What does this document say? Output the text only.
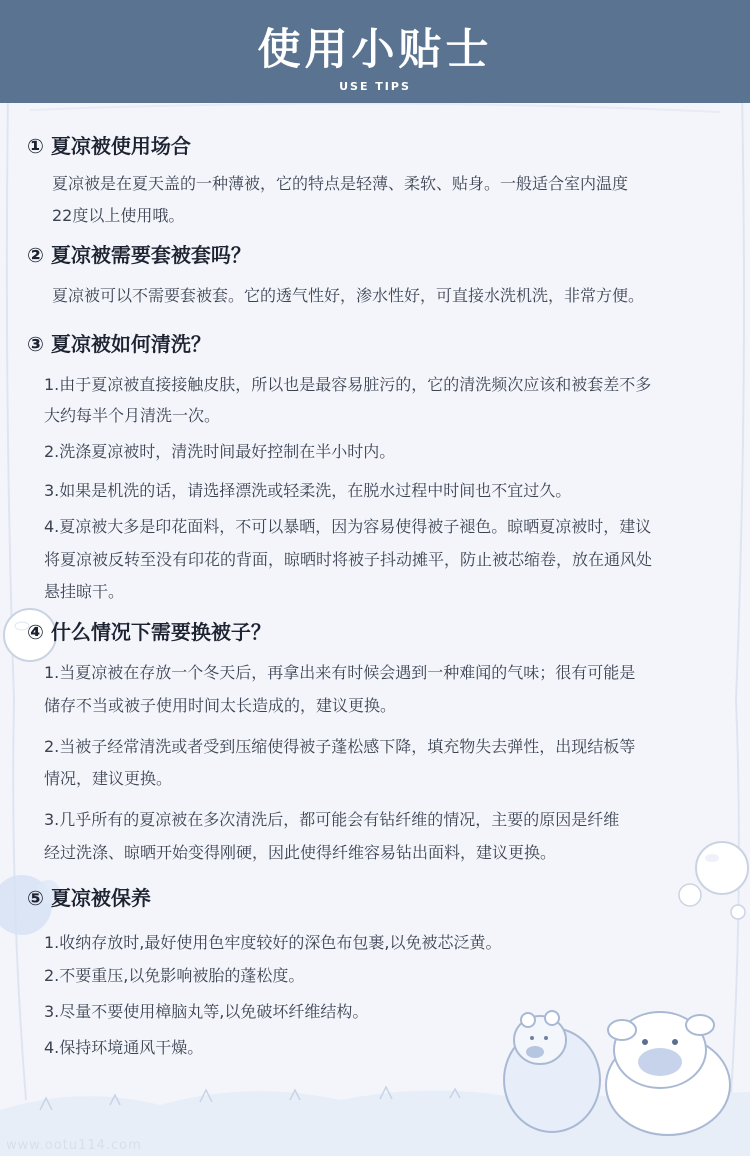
使用小贴士
USE TIPS
① 夏凉被使用场合
夏凉被是在夏天盖的一种薄被，它的特点是轻薄、柔软、贴身。一般适合室内温度
22度以上使用哦。
② 夏凉被需要套被套吗？
夏凉被可以不需要套被套。它的透气性好，渗水性好，可直接水洗机洗，非常方便。
③ 夏凉被如何清洗？
1.由于夏凉被直接接触皮肤，所以也是最容易脏污的，它的清洗频次应该和被套差不多
大约每半个月清洗一次。
2.洗涤夏凉被时，清洗时间最好控制在半小时内。
3.如果是机洗的话，请选择漂洗或轻柔洗，在脱水过程中时间也不宜过久。
4.夏凉被大多是印花面料，不可以暴晒，因为容易使得被子褪色。晾晒夏凉被时，建议
将夏凉被反转至没有印花的背面，晾晒时将被子抖动摊平，防止被芯缩卷，放在通风处
悬挂晾干。
④ 什么情况下需要换被子？
1.当夏凉被在存放一个冬天后，再拿出来有时候会遇到一种难闻的气味；很有可能是
储存不当或被子使用时间太长造成的，建议更换。
2.当被子经常清洗或者受到压缩使得被子蓬松感下降，填充物失去弹性，出现结板等
情况，建议更换。
3.几乎所有的夏凉被在多次清洗后，都可能会有钻纤维的情况，主要的原因是纤维
经过洗涤、晾晒开始变得刚硬，因此使得纤维容易钻出面料，建议更换。
⑤ 夏凉被保养
1.收纳存放时,最好使用色牢度较好的深色布包裹,以免被芯泛黄。
2.不要重压,以免影响被胎的蓬松度。
3.尽量不要使用樟脑丸等,以免破坏纤维结构。
4.保持环境通风干燥。
www.ootu114.com
